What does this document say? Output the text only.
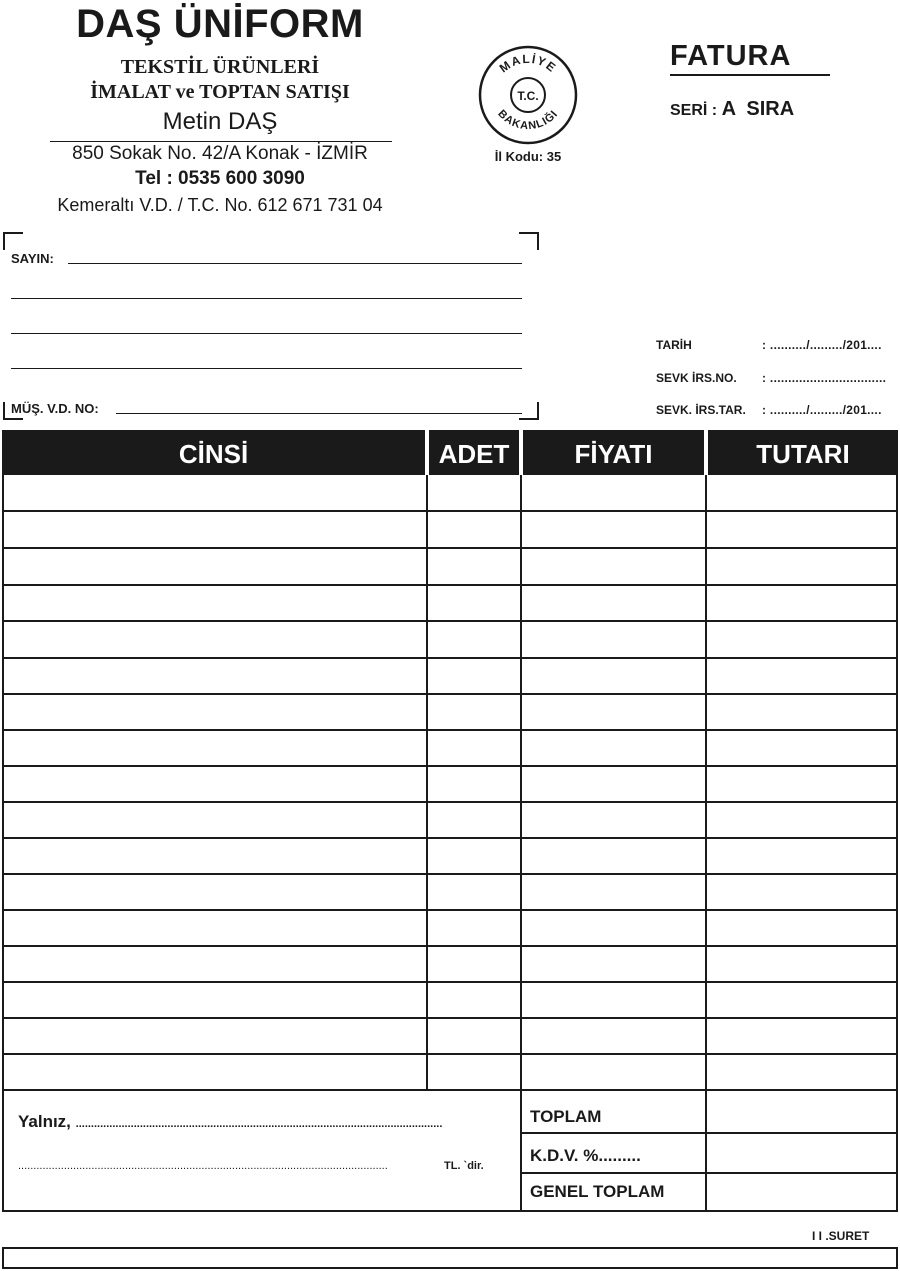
DAŞ ÜNİFORM
TEKSTİL ÜRÜNLERİ
İMALAT ve TOPTAN SATIŞI
Metin DAŞ
850 Sokak No. 42/A Konak - İZMİR
Tel : 0535 600 3090
Kemeraltı V.D. / T.C. No. 612 671 731 04
MALİYE
BAKANLIĞI
T.C.
İl Kodu: 35
FATURA
SERİ : A  SIRA
SAYIN:
MÜŞ. V.D. NO:
TARİH	: ........../........./201....
SEVK İRS.NO. : ................................
SEVK. İRS.TAR. : ........../........./201....
CİNSİ	ADET	FİYATI	TUTARI
Yalnız, ........................................................................................................................
.........................................................................................................................	TL. `dir.
TOPLAM
K.D.V. %.........
GENEL TOPLAM
I I .SURET
